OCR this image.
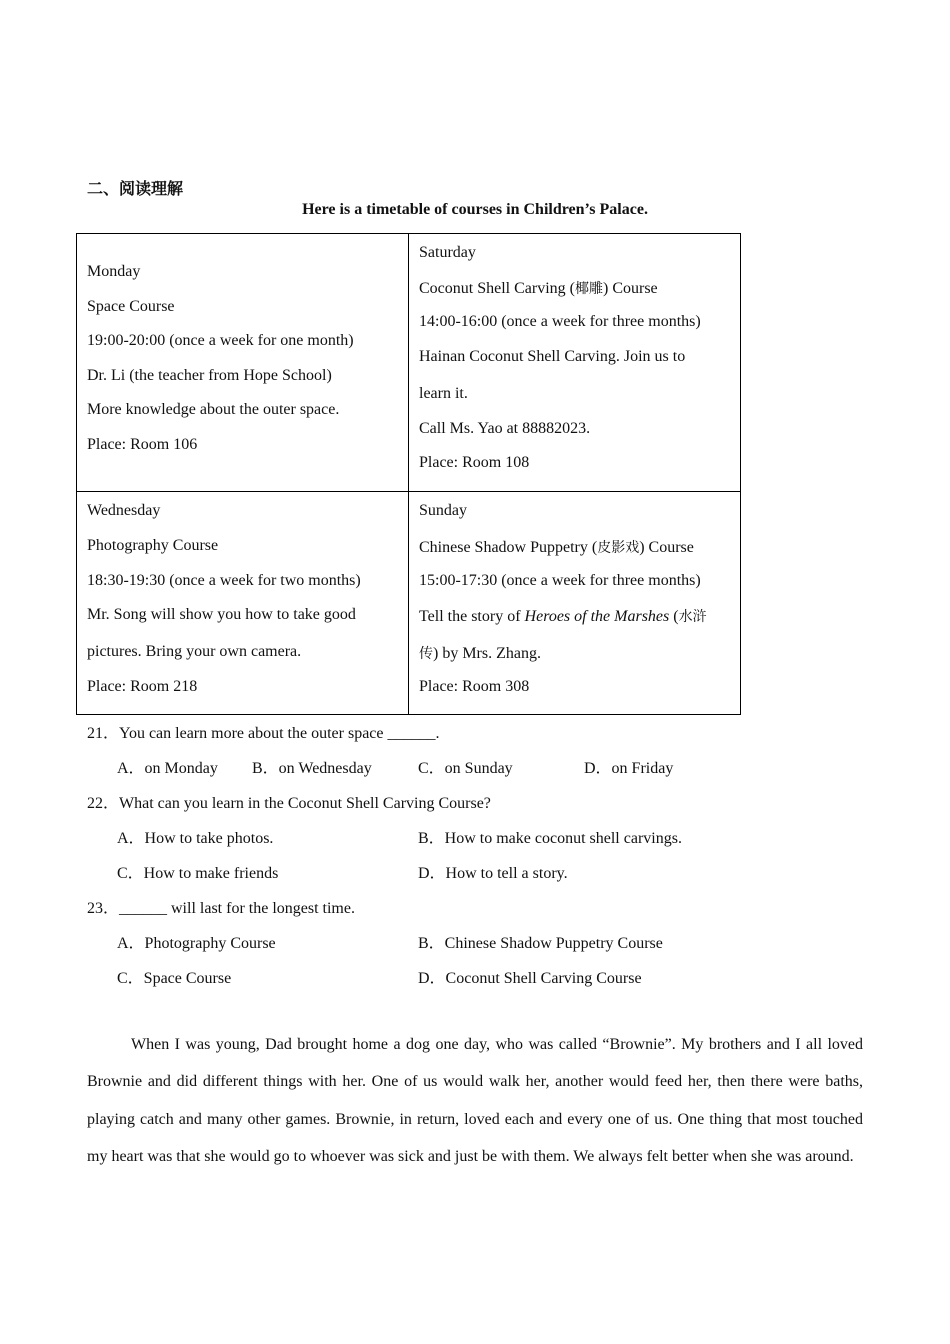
二、阅读理解
Here is a timetable of courses in Children’s Palace.
Monday
Space Course
19:00-20:00 (once a week for one month)
Dr. Li (the teacher from Hope School)
More knowledge about the outer space.
Place: Room 106
Saturday
Coconut Shell Carving (椰雕) Course
14:00-16:00 (once a week for three months)
Hainan Coconut Shell Carving. Join us to
learn it.
Call Ms. Yao at 88882023.
Place: Room 108
Wednesday
Photography Course
18:30-19:30 (once a week for two months)
Mr. Song will show you how to take good
pictures. Bring your own camera.
Place: Room 218
Sunday
Chinese Shadow Puppetry (皮影戏) Course
15:00-17:30 (once a week for three months)
Tell the story of Heroes of the Marshes (水浒
传) by Mrs. Zhang.
Place: Room 308
21．You can learn more about the outer space ______.
A．on Monday B．on Wednesday	C．on Sunday	D．on Friday
22．What can you learn in the Coconut Shell Carving Course?
A．How to take photos.	B．How to make coconut shell carvings.
C．How to make friends	D．How to tell a story.
23．______ will last for the longest time.
A．Photography Course	B．Chinese Shadow Puppetry Course
C．Space Course	D．Coconut Shell Carving Course
When I was young, Dad brought home a dog one day, who was called “Brownie”. My brothers and I all loved Brownie and did different things with her. One of us would walk her, another would feed her, then there were baths, playing catch and many other games. Brownie, in return, loved each and every one of us. One thing that most touched my heart was that she would go to whoever was sick and just be with them. We always felt better when she was around.
